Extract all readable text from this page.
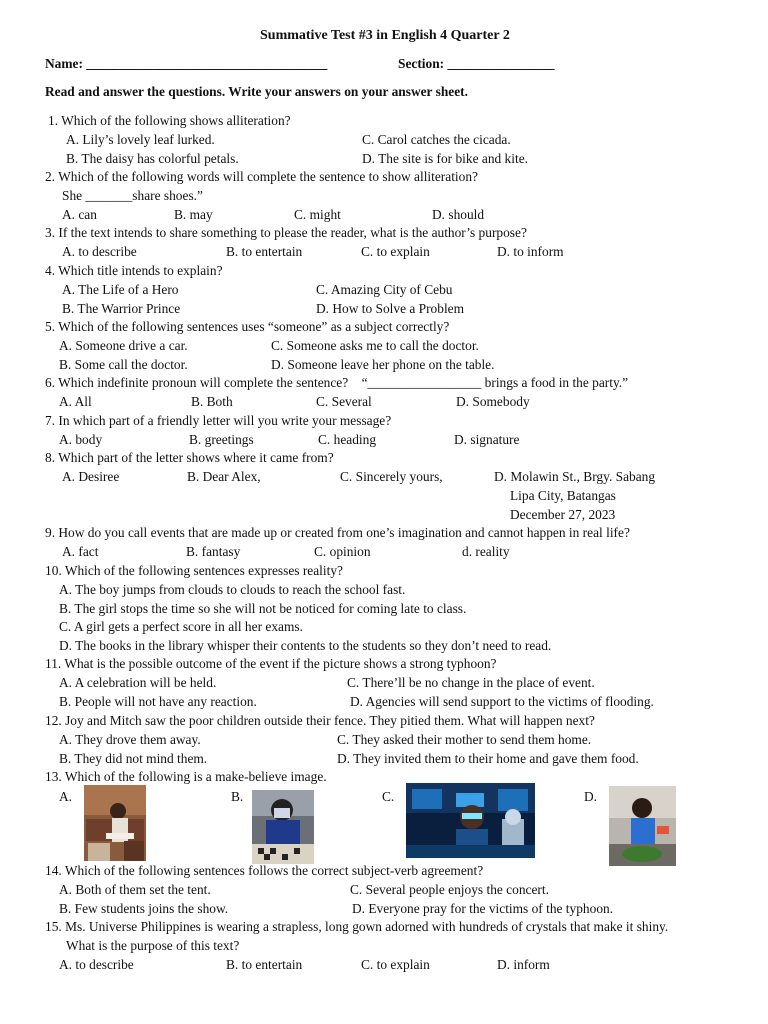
Summative Test #3 in English 4 Quarter 2
Name: ____________________________________	Section: ________________
Read and answer the questions. Write your answers on your answer sheet.
1. Which of the following shows alliteration?
A. Lily’s lovely leaf lurked.
B. The daisy has colorful petals.
C. Carol catches the cicada.
D. The site is for bike and kite.
2. Which of the following words will complete the sentence to show alliteration?
She _______share shoes.”
A. can	B. may	C. might	D. should
3. If the text intends to share something to please the reader, what is the author’s purpose?
A. to describe	B. to entertain	C. to explain	D. to inform
4. Which title intends to explain?
A. The Life of a Hero
B. The Warrior Prince
C. Amazing City of Cebu
D. How to Solve a Problem
5. Which of the following sentences uses “someone” as a subject correctly?
A. Someone drive a car.
B. Some call the doctor.
C. Someone asks me to call the doctor.
D. Someone leave her phone on the table.
6. Which indefinite pronoun will complete the sentence?    “_________________ brings a food in the party.”
A. All	B. Both	C. Several	D. Somebody
7. In which part of a friendly letter will you write your message?
A. body	B. greetings	C. heading	D. signature
8. Which part of the letter shows where it came from?
A. Desiree	B. Dear Alex,	C. Sincerely yours,	D. Molawin St., Brgy. Sabang
Lipa City, Batangas
December 27, 2023
9. How do you call events that are made up or created from one’s imagination and cannot happen in real life?
A. fact	B. fantasy	C. opinion	d. reality
10. Which of the following sentences expresses reality?
A. The boy jumps from clouds to clouds to reach the school fast.
B. The girl stops the time so she will not be noticed for coming late to class.
C. A girl gets a perfect score in all her exams.
D. The books in the library whisper their contents to the students so they don’t need to read.
11. What is the possible outcome of the event if the picture shows a strong typhoon?
A. A celebration will be held.
B. People will not have any reaction.
C. There’ll be no change in the place of event.
D. Agencies will send support to the victims of flooding.
12. Joy and Mitch saw the poor children outside their fence. They pitied them. What will happen next?
A. They drove them away.
B. They did not mind them.
C. They asked their mother to send them home.
D. They invited them to their home and gave them food.
13. Which of the following is a make-believe image.
A.	B.	C.	D.
14. Which of the following sentences follows the correct subject-verb agreement?
A. Both of them set the tent.
B. Few students joins the show.
C. Several people enjoys the concert.
D. Everyone pray for the victims of the typhoon.
15. Ms. Universe Philippines is wearing a strapless, long gown adorned with hundreds of crystals that make it shiny.
What is the purpose of this text?
A. to describe	B. to entertain	C. to explain	D. inform
